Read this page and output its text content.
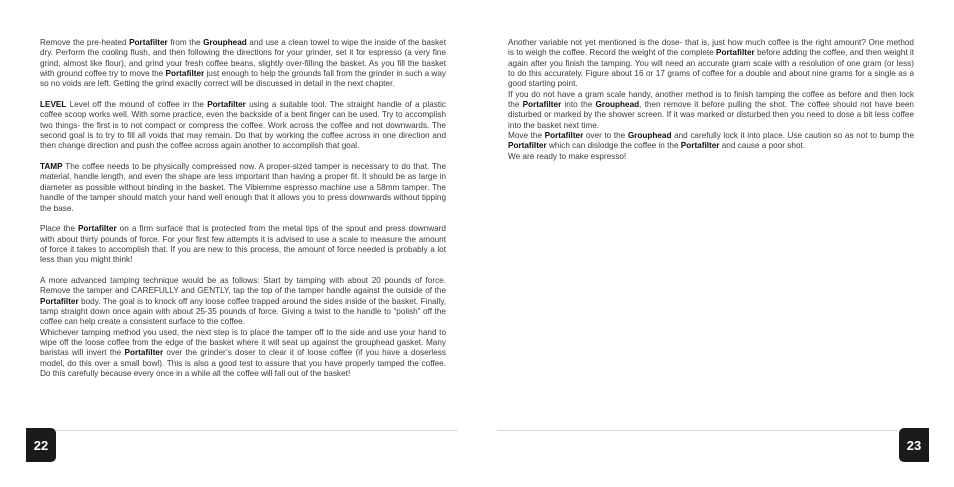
Remove the pre-heated Portafilter from the Grouphead and use a clean towel to wipe the inside of the basket dry. Perform the cooling flush, and then following the directions for your grinder, set it for espresso (a very fine grind, almost like flour), and grind your fresh coffee beans, slightly over-filling the basket. As you fill the basket with ground coffee try to move the Portafilter just enough to help the grounds fall from the grinder in such a way so no voids are left. Getting the grind exactly correct will be discussed in detail in the next chapter.

LEVEL Level off the mound of coffee in the Portafilter using a suitable tool. The straight handle of a plastic coffee scoop works well. With some practice, even the backside of a bent finger can be used. Try to accomplish two things- the first is to not compact or compress the coffee. Work across the coffee and not downwards. The second goal is to try to fill all voids that may remain. Do that by working the coffee across in one direction and then change direction and push the coffee across again another to accomplish that goal.

TAMP The coffee needs to be physically compressed now. A proper-sized tamper is necessary to do that. The material, handle length, and even the shape are less important than having a proper fit. It should be as large in diameter as possible without binding in the basket. The Vibiemme espresso machine use a 58mm tamper. The handle of the tamper should match your hand well enough that it allows you to press downwards without tipping the base.

Place the Portafilter on a firm surface that is protected from the metal tips of the spout and press downward with about thirty pounds of force. For your first few attempts it is advised to use a scale to measure the amount of force it takes to accomplish that. If you are new to this process, the amount of force needed is probably a lot less than you might think!

A more advanced tamping technique would be as follows: Start by tamping with about 20 pounds of force. Remove the tamper and CAREFULLY and GENTLY, tap the top of the tamper handle against the outside of the Portafilter body. The goal is to knock off any loose coffee trapped around the sides inside of the basket. Finally, tamp straight down once again with about 25-35 pounds of force. Giving a twist to the handle to “polish” off the coffee can help create a consistent surface to the coffee.

Whichever tamping method you used, the next step is to place the tamper off to the side and use your hand to wipe off the loose coffee from the edge of the basket where it will seat up against the grouphead gasket. Many baristas will invert the Portafilter over the grinder’s doser to clear it of loose coffee (if you have a doserless model, do this over a small bowl). This is also a good test to assure that you have properly tamped the coffee. Do this carefully because every once in a while all the coffee will fall out of the basket!

Another variable not yet mentioned is the dose- that is, just how much coffee is the right amount? One method is to weigh the coffee. Record the weight of the complete Portafilter before adding the coffee, and then weight it again after you finish the tamping. You will need an accurate gram scale with a resolution of one gram (or less) to do this accurately. Figure about 16 or 17 grams of coffee for a double and about nine grams for a single as a good starting point.

If you do not have a gram scale handy, another method is to finish tamping the coffee as before and then lock the Portafilter into the Grouphead, then remove it before pulling the shot. The coffee should not have been disturbed or marked by the shower screen. If it was marked or disturbed then you need to dose a bit less coffee into the basket next time.

Move the Portafilter over to the Grouphead and carefully lock it into place. Use caution so as not to bump the Portafilter which can dislodge the coffee in the Portafilter and cause a poor shot.

We are ready to make espresso!

22	23
